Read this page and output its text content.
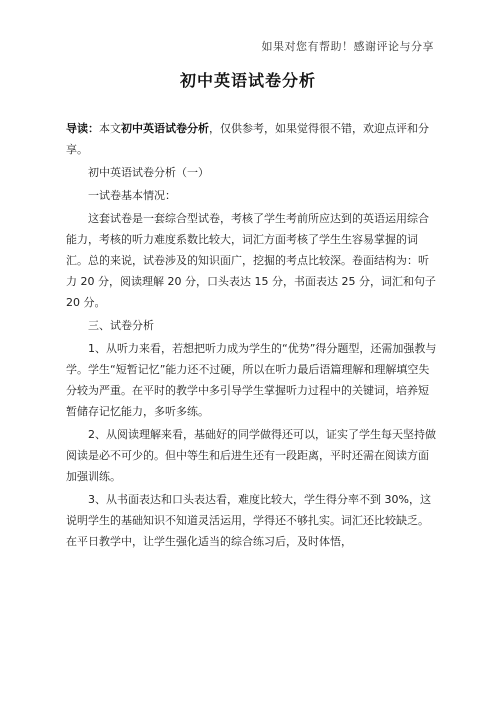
如果对您有帮助！感谢评论与分享
初中英语试卷分析

导读：本文初中英语试卷分析，仅供参考，如果觉得很不错，欢迎点评和分享。

初中英语试卷分析（一）

一试卷基本情况：

这套试卷是一套综合型试卷，考核了学生考前所应达到的英语运用综合能力，考核的听力难度系数比较大，词汇方面考核了学生生容易掌握的词汇。总的来说，试卷涉及的知识面广，挖掘的考点比较深。卷面结构为：听力 20 分，阅读理解 20 分，口头表达 15 分，书面表达 25 分，词汇和句子 20 分。

三、试卷分析

1、从听力来看，若想把听力成为学生的“优势”得分题型，还需加强教与学。学生“短暂记忆”能力还不过硬，所以在听力最后语篇理解和理解填空失分较为严重。在平时的教学中多引导学生掌握听力过程中的关键词，培养短暂储存记忆能力，多听多练。

2、从阅读理解来看，基础好的同学做得还可以，证实了学生每天坚持做阅读是必不可少的。但中等生和后进生还有一段距离，平时还需在阅读方面加强训练。

3、从书面表达和口头表达看，难度比较大，学生得分率不到 30%，这说明学生的基础知识不知道灵活运用，学得还不够扎实。词汇还比较缺乏。在平日教学中，让学生强化适当的综合练习后，及时体悟，
